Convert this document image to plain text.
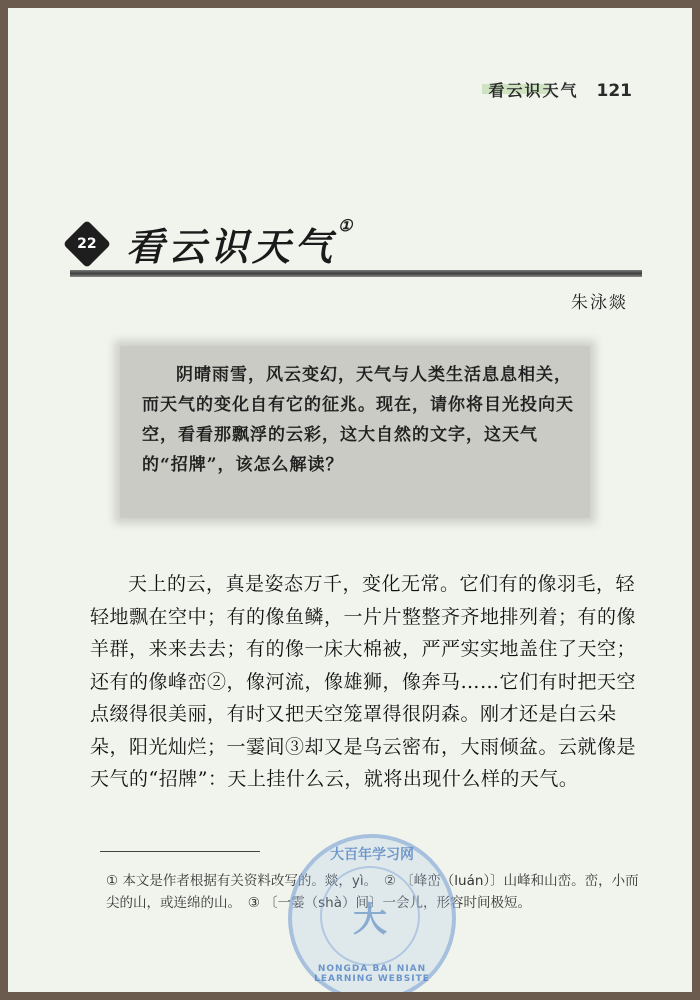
看云识天气 121
22 看云识天气 ①
朱泳燚

阴晴雨雪，风云变幻，天气与人类生活息息相关，而天气的变化自有它的征兆。现在，请你将目光投向天空，看看那飘浮的云彩，这大自然的文字，这天气的“招牌”，该怎么解读？

天上的云，真是姿态万千，变化无常。它们有的像羽毛，轻轻地飘在空中；有的像鱼鳞，一片片整整齐齐地排列着；有的像羊群，来来去去；有的像一床大棉被，严严实实地盖住了天空；还有的像峰峦②，像河流，像雄狮，像奔马……它们有时把天空点缀得很美丽，有时又把天空笼罩得很阴森。刚才还是白云朵朵，阳光灿烂；一霎间③却又是乌云密布，大雨倾盆。云就像是天气的“招牌”：天上挂什么云，就将出现什么样的天气。

① 本文是作者根据有关资料改写的。燚，yì。　② 〔峰峦（luán）〕山峰和山峦。峦，小而尖的山，或连绵的山。　③ 〔一霎（shà）间〕一会儿，形容时间极短。

大百年学习网
大
NONGDA BAI NIAN LEARNING WEBSITE
